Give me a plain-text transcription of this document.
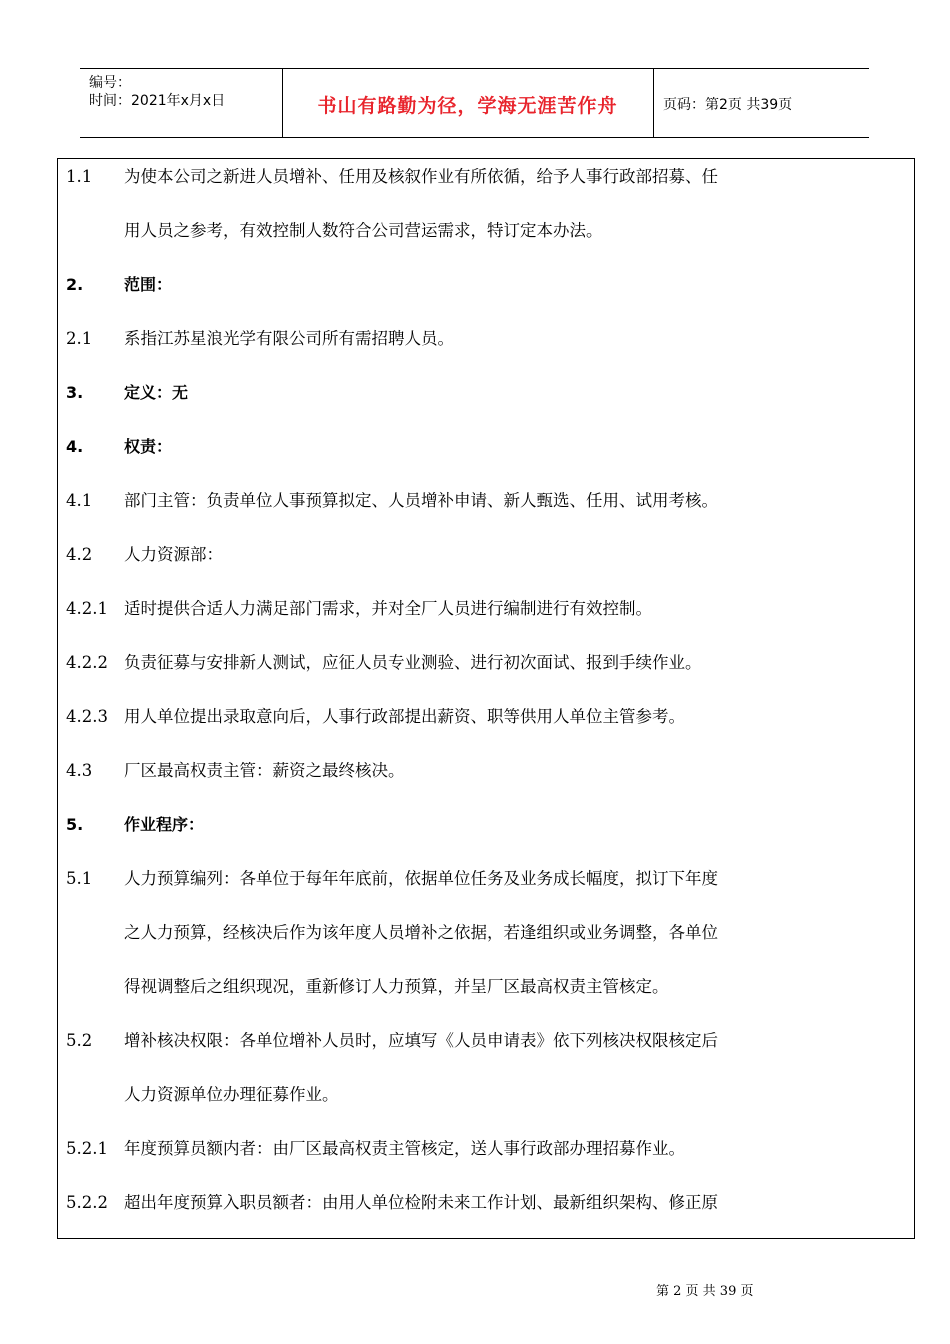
编号：
时间：2021年x月x日	书山有路勤为径，学海无涯苦作舟	页码：第2页 共39页
1.1 为使本公司之新进人员增补、任用及核叙作业有所依循，给予人事行政部招募、任
用人员之参考，有效控制人数符合公司营运需求，特订定本办法。
2.	范围：
2.1 系指江苏星浪光学有限公司所有需招聘人员。
3.	定义：无
4.	权责：
4.1 部门主管：负责单位人事预算拟定、人员增补申请、新人甄选、任用、试用考核。
4.2 人力资源部：
4.2.1 适时提供合适人力满足部门需求，并对全厂人员进行编制进行有效控制。
4.2.2 负责征募与安排新人测试，应征人员专业测验、进行初次面试、报到手续作业。
4.2.3 用人单位提出录取意向后，人事行政部提出薪资、职等供用人单位主管参考。
4.3 厂区最高权责主管：薪资之最终核决。
5.	作业程序：
5.1 人力预算编列：各单位于每年年底前，依据单位任务及业务成长幅度，拟订下年度
之人力预算，经核决后作为该年度人员增补之依据，若逢组织或业务调整，各单位
得视调整后之组织现况，重新修订人力预算，并呈厂区最高权责主管核定。
5.2 增补核决权限：各单位增补人员时，应填写《人员申请表》依下列核决权限核定后
人力资源单位办理征募作业。
5.2.1 年度预算员额内者：由厂区最高权责主管核定，送人事行政部办理招募作业。
5.2.2 超出年度预算入职员额者：由用人单位检附未来工作计划、最新组织架构、修正原
第 2 页 共 39 页
